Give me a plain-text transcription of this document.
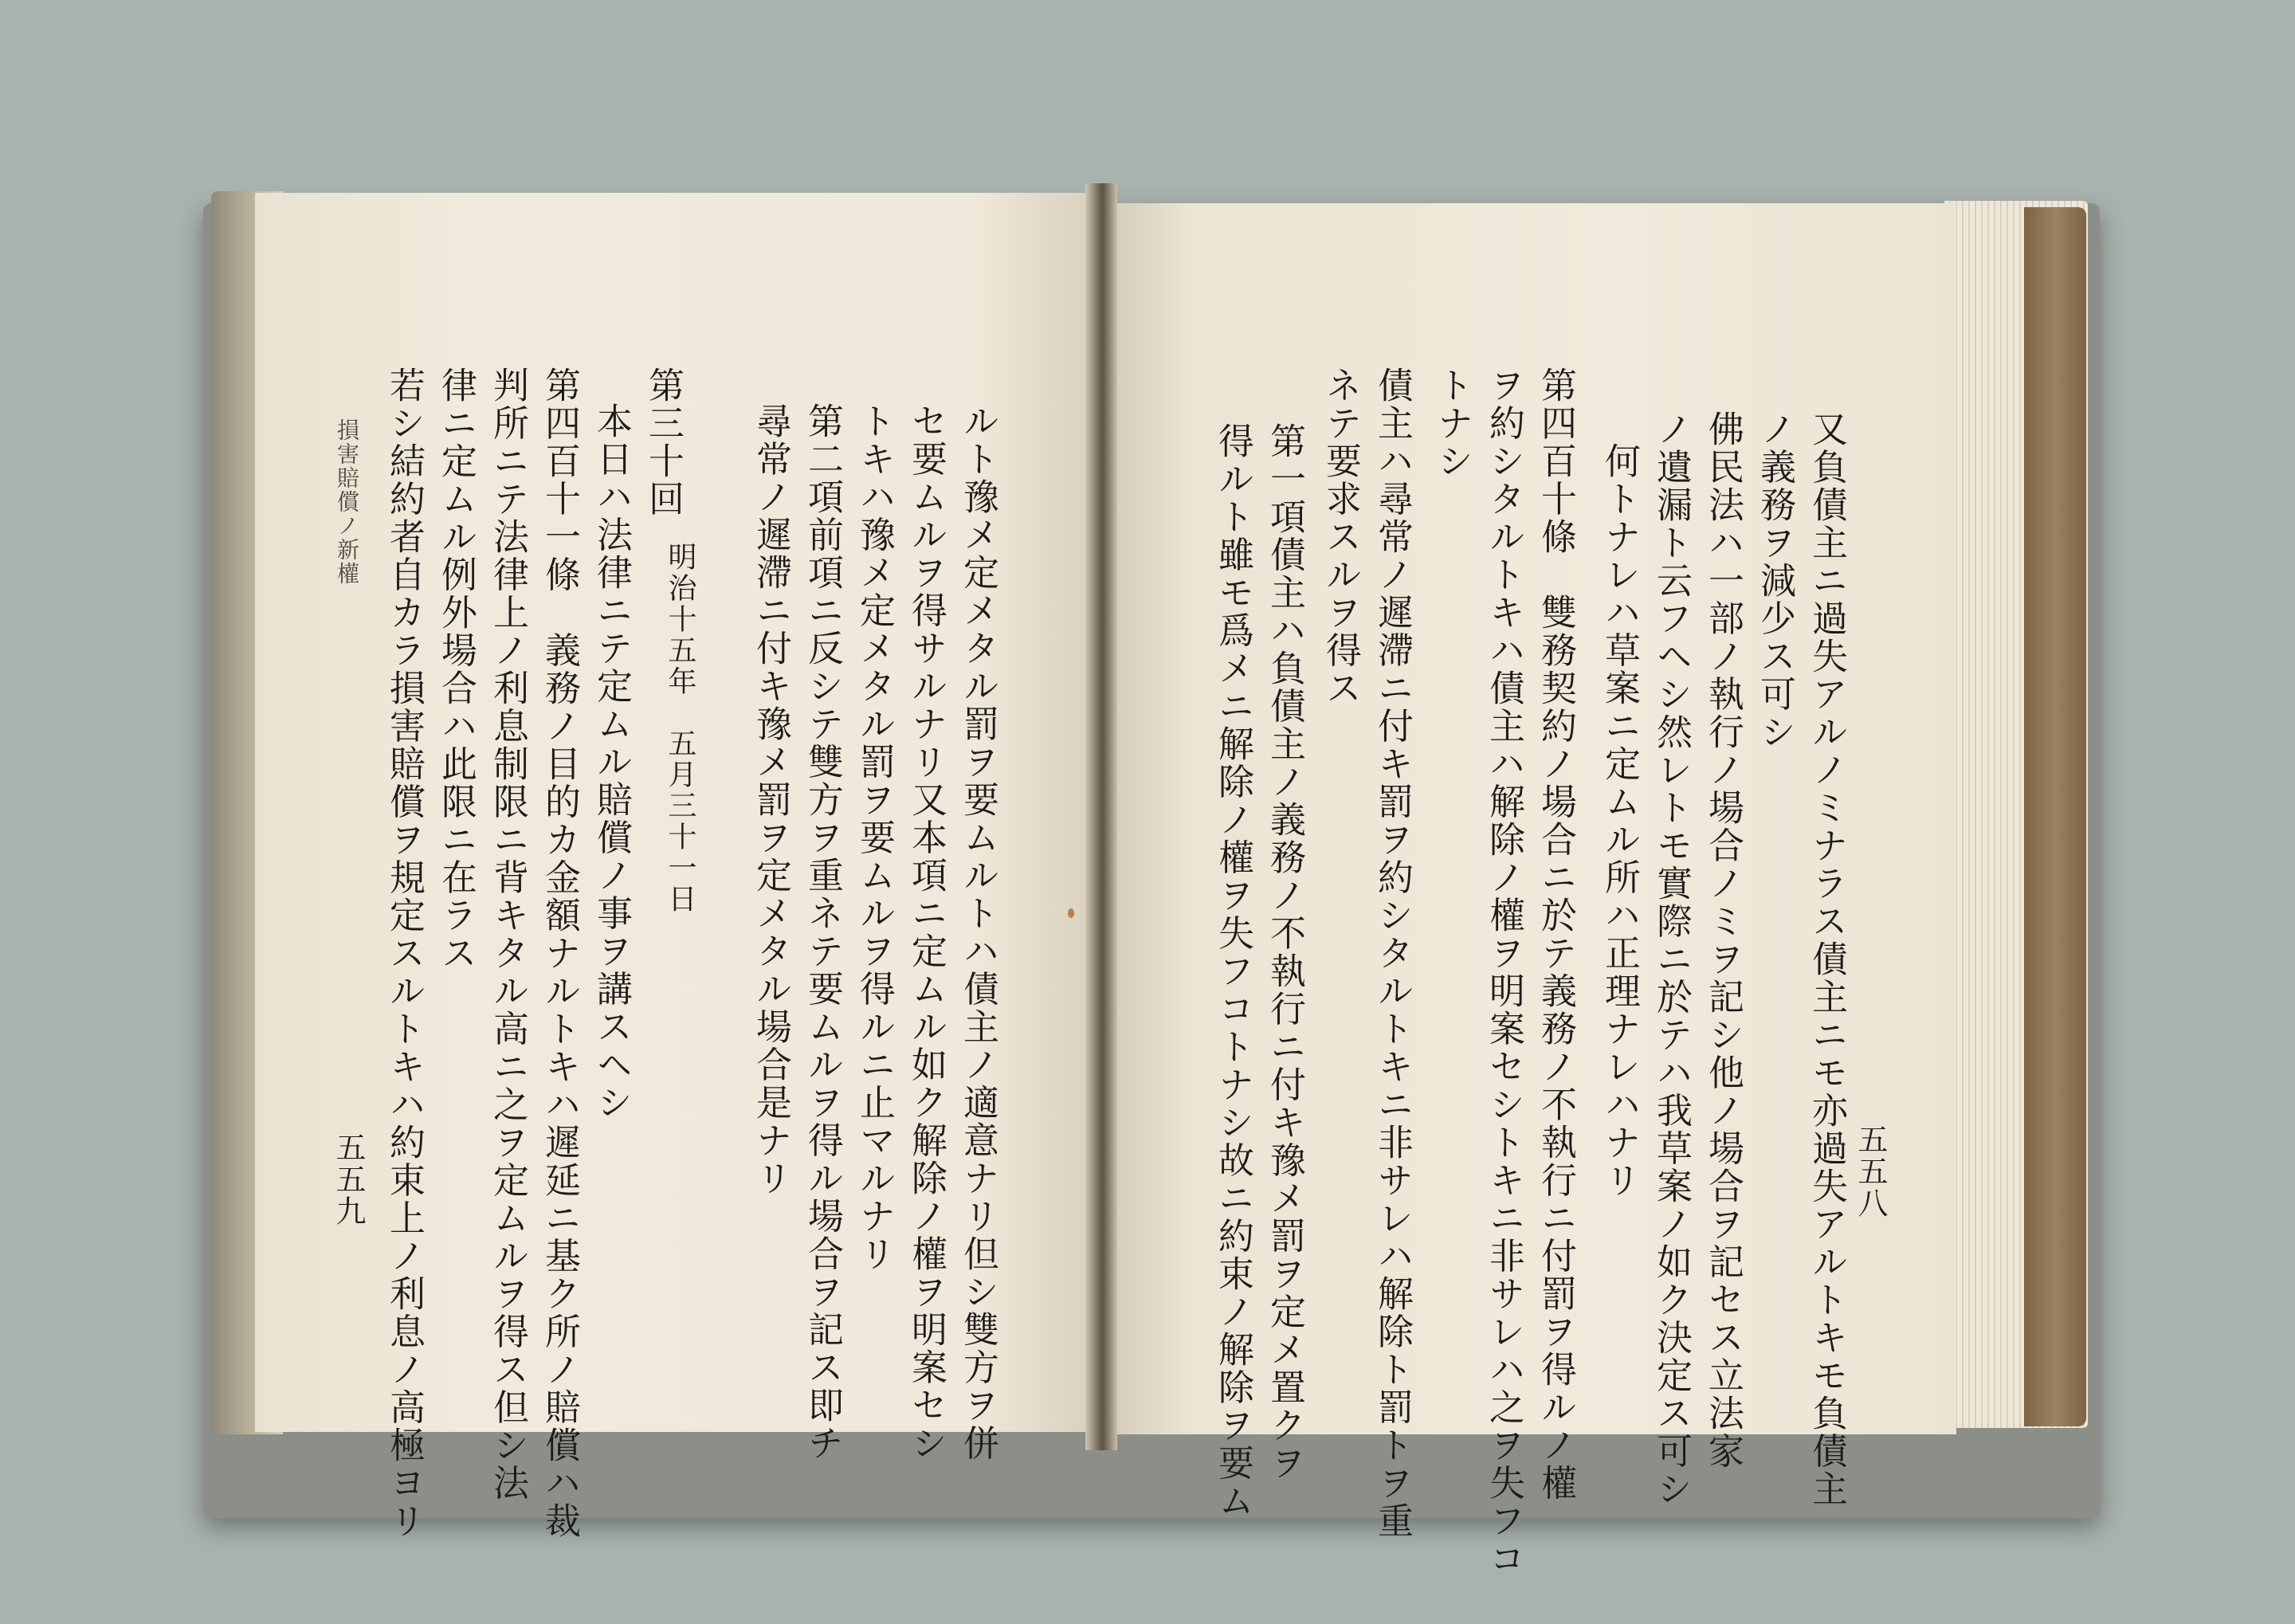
又負債主ニ過失アルノミナラス債主ニモ亦過失アルトキモ負債主
ノ義務ヲ減少ス可シ
佛民法ハ一部ノ執行ノ場合ノミヲ記シ他ノ場合ヲ記セス立法家
ノ遺漏ト云フヘシ然レトモ實際ニ於テハ我草案ノ如ク決定ス可シ
何トナレハ草案ニ定ムル所ハ正理ナレハナリ
第四百十條　雙務契約ノ場合ニ於テ義務ノ不執行ニ付罰ヲ得ルノ權
ヲ約シタルトキハ債主ハ解除ノ權ヲ明案セシトキニ非サレハ之ヲ失フコ
トナシ
債主ハ尋常ノ遲滯ニ付キ罰ヲ約シタルトキニ非サレハ解除ト罰トヲ重
ネテ要求スルヲ得ス
第一項債主ハ負債主ノ義務ノ不執行ニ付キ豫メ罰ヲ定メ置クヲ
得ルト雖モ爲メニ解除ノ權ヲ失フコトナシ故ニ約束ノ解除ヲ要ム	五五八
ルト豫メ定メタル罰ヲ要ムルトハ債主ノ適意ナリ但シ雙方ヲ併
セ要ムルヲ得サルナリ又本項ニ定ムル如ク解除ノ權ヲ明案セシ
トキハ豫メ定メタル罰ヲ要ムルヲ得ルニ止マルナリ
第二項前項ニ反シテ雙方ヲ重ネテ要ムルヲ得ル場合ヲ記ス即チ
尋常ノ遲滯ニ付キ豫メ罰ヲ定メタル場合是ナリ
第三十回
明治十五年　五月三十一日
本日ハ法律ニテ定ムル賠償ノ事ヲ講スヘシ
第四百十一條　義務ノ目的カ金額ナルトキハ遲延ニ基ク所ノ賠償ハ裁
判所ニテ法律上ノ利息制限ニ背キタル高ニ之ヲ定ムルヲ得ス但シ法
律ニ定ムル例外場合ハ此限ニ在ラス
若シ結約者自カラ損害賠償ヲ規定スルトキハ約束上ノ利息ノ高極ヨリ
損害賠償ノ新權
五五九
